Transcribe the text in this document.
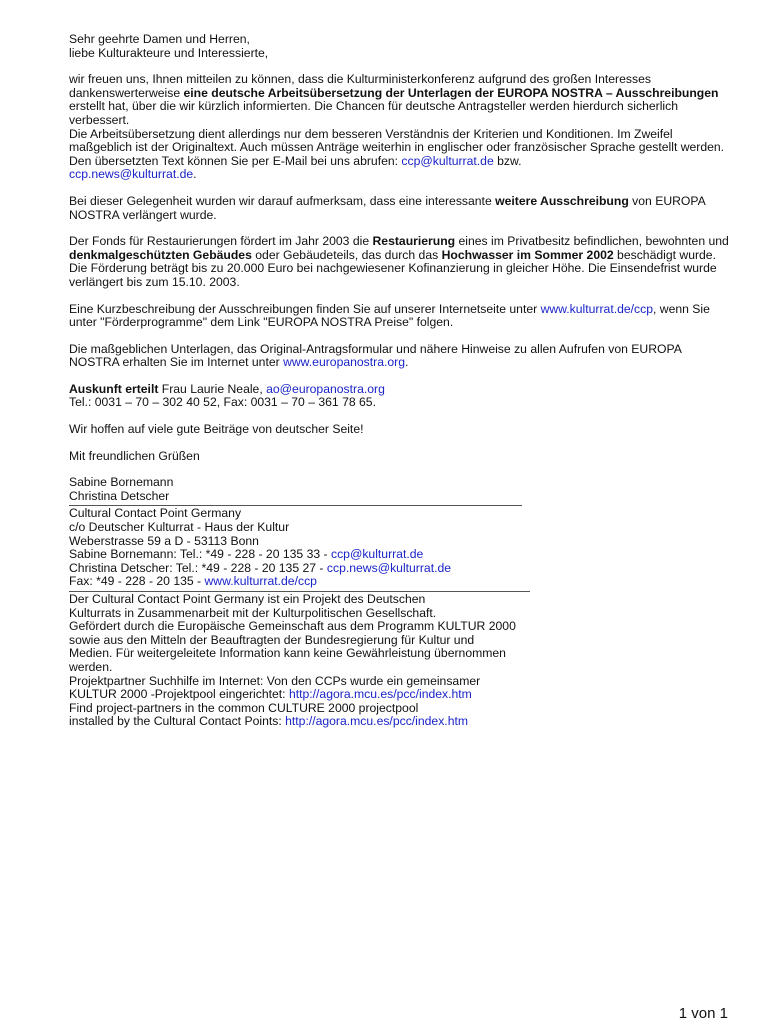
Sehr geehrte Damen und Herren,

liebe Kulturakteure und Interessierte,

wir freuen uns, Ihnen mitteilen zu können, dass die Kulturministerkonferenz aufgrund des großen Interesses dankenswerterweise eine deutsche Arbeitsübersetzung der Unterlagen der EUROPA NOSTRA – Ausschreibungen erstellt hat, über die wir kürzlich informierten. Die Chancen für deutsche Antragsteller werden hierdurch sicherlich verbessert.

Die Arbeitsübersetzung dient allerdings nur dem besseren Verständnis der Kriterien und Konditionen. Im Zweifel maßgeblich ist der Originaltext. Auch müssen Anträge weiterhin in englischer oder französischer Sprache gestellt werden. Den übersetzten Text können Sie per E-Mail bei uns abrufen: ccp@kulturrat.de bzw.
ccp.news@kulturrat.de.

Bei dieser Gelegenheit wurden wir darauf aufmerksam, dass eine interessante weitere Ausschreibung von EUROPA NOSTRA verlängert wurde.

Der Fonds für Restaurierungen fördert im Jahr 2003 die Restaurierung eines im Privatbesitz befindlichen, bewohnten und denkmalgeschützten Gebäudes oder Gebäudeteils, das durch das Hochwasser im Sommer 2002 beschädigt wurde. Die Förderung beträgt bis zu 20.000 Euro bei nachgewiesener Kofinanzierung in gleicher Höhe. Die Einsendefrist wurde verlängert bis zum 15.10. 2003.

Eine Kurzbeschreibung der Ausschreibungen finden Sie auf unserer Internetseite unter www.kulturrat.de/ccp, wenn Sie unter "Förderprogramme" dem Link "EUROPA NOSTRA Preise" folgen.

Die maßgeblichen Unterlagen, das Original-Antragsformular und nähere Hinweise zu allen Aufrufen von EUROPA NOSTRA erhalten Sie im Internet unter www.europanostra.org.

Auskunft erteilt Frau Laurie Neale, ao@europanostra.org

Tel.: 0031 – 70 – 302 40 52, Fax: 0031 – 70 – 361 78 65.

Wir hoffen auf viele gute Beiträge von deutscher Seite!

Mit freundlichen Grüßen

Sabine Bornemann

Christina Detscher

Cultural Contact Point Germany

c/o Deutscher Kulturrat - Haus der Kultur

Weberstrasse 59 a D - 53113 Bonn

Sabine Bornemann: Tel.: *49 - 228 - 20 135 33 - ccp@kulturrat.de

Christina Detscher: Tel.: *49 - 228 - 20 135 27 - ccp.news@kulturrat.de

Fax: *49 - 228 - 20 135 - www.kulturrat.de/ccp

Der Cultural Contact Point Germany ist ein Projekt des Deutschen

Kulturrats in Zusammenarbeit mit der Kulturpolitischen Gesellschaft.

Gefördert durch die Europäische Gemeinschaft aus dem Programm KULTUR 2000

sowie aus den Mitteln der Beauftragten der Bundesregierung für Kultur und

Medien. Für weitergeleitete Information kann keine Gewährleistung übernommen

werden.

Projektpartner Suchhilfe im Internet: Von den CCPs wurde ein gemeinsamer

KULTUR 2000 -Projektpool eingerichtet: http://agora.mcu.es/pcc/index.htm

Find project-partners in the common CULTURE 2000 projectpool

installed by the Cultural Contact Points: http://agora.mcu.es/pcc/index.htm

1 von 1
